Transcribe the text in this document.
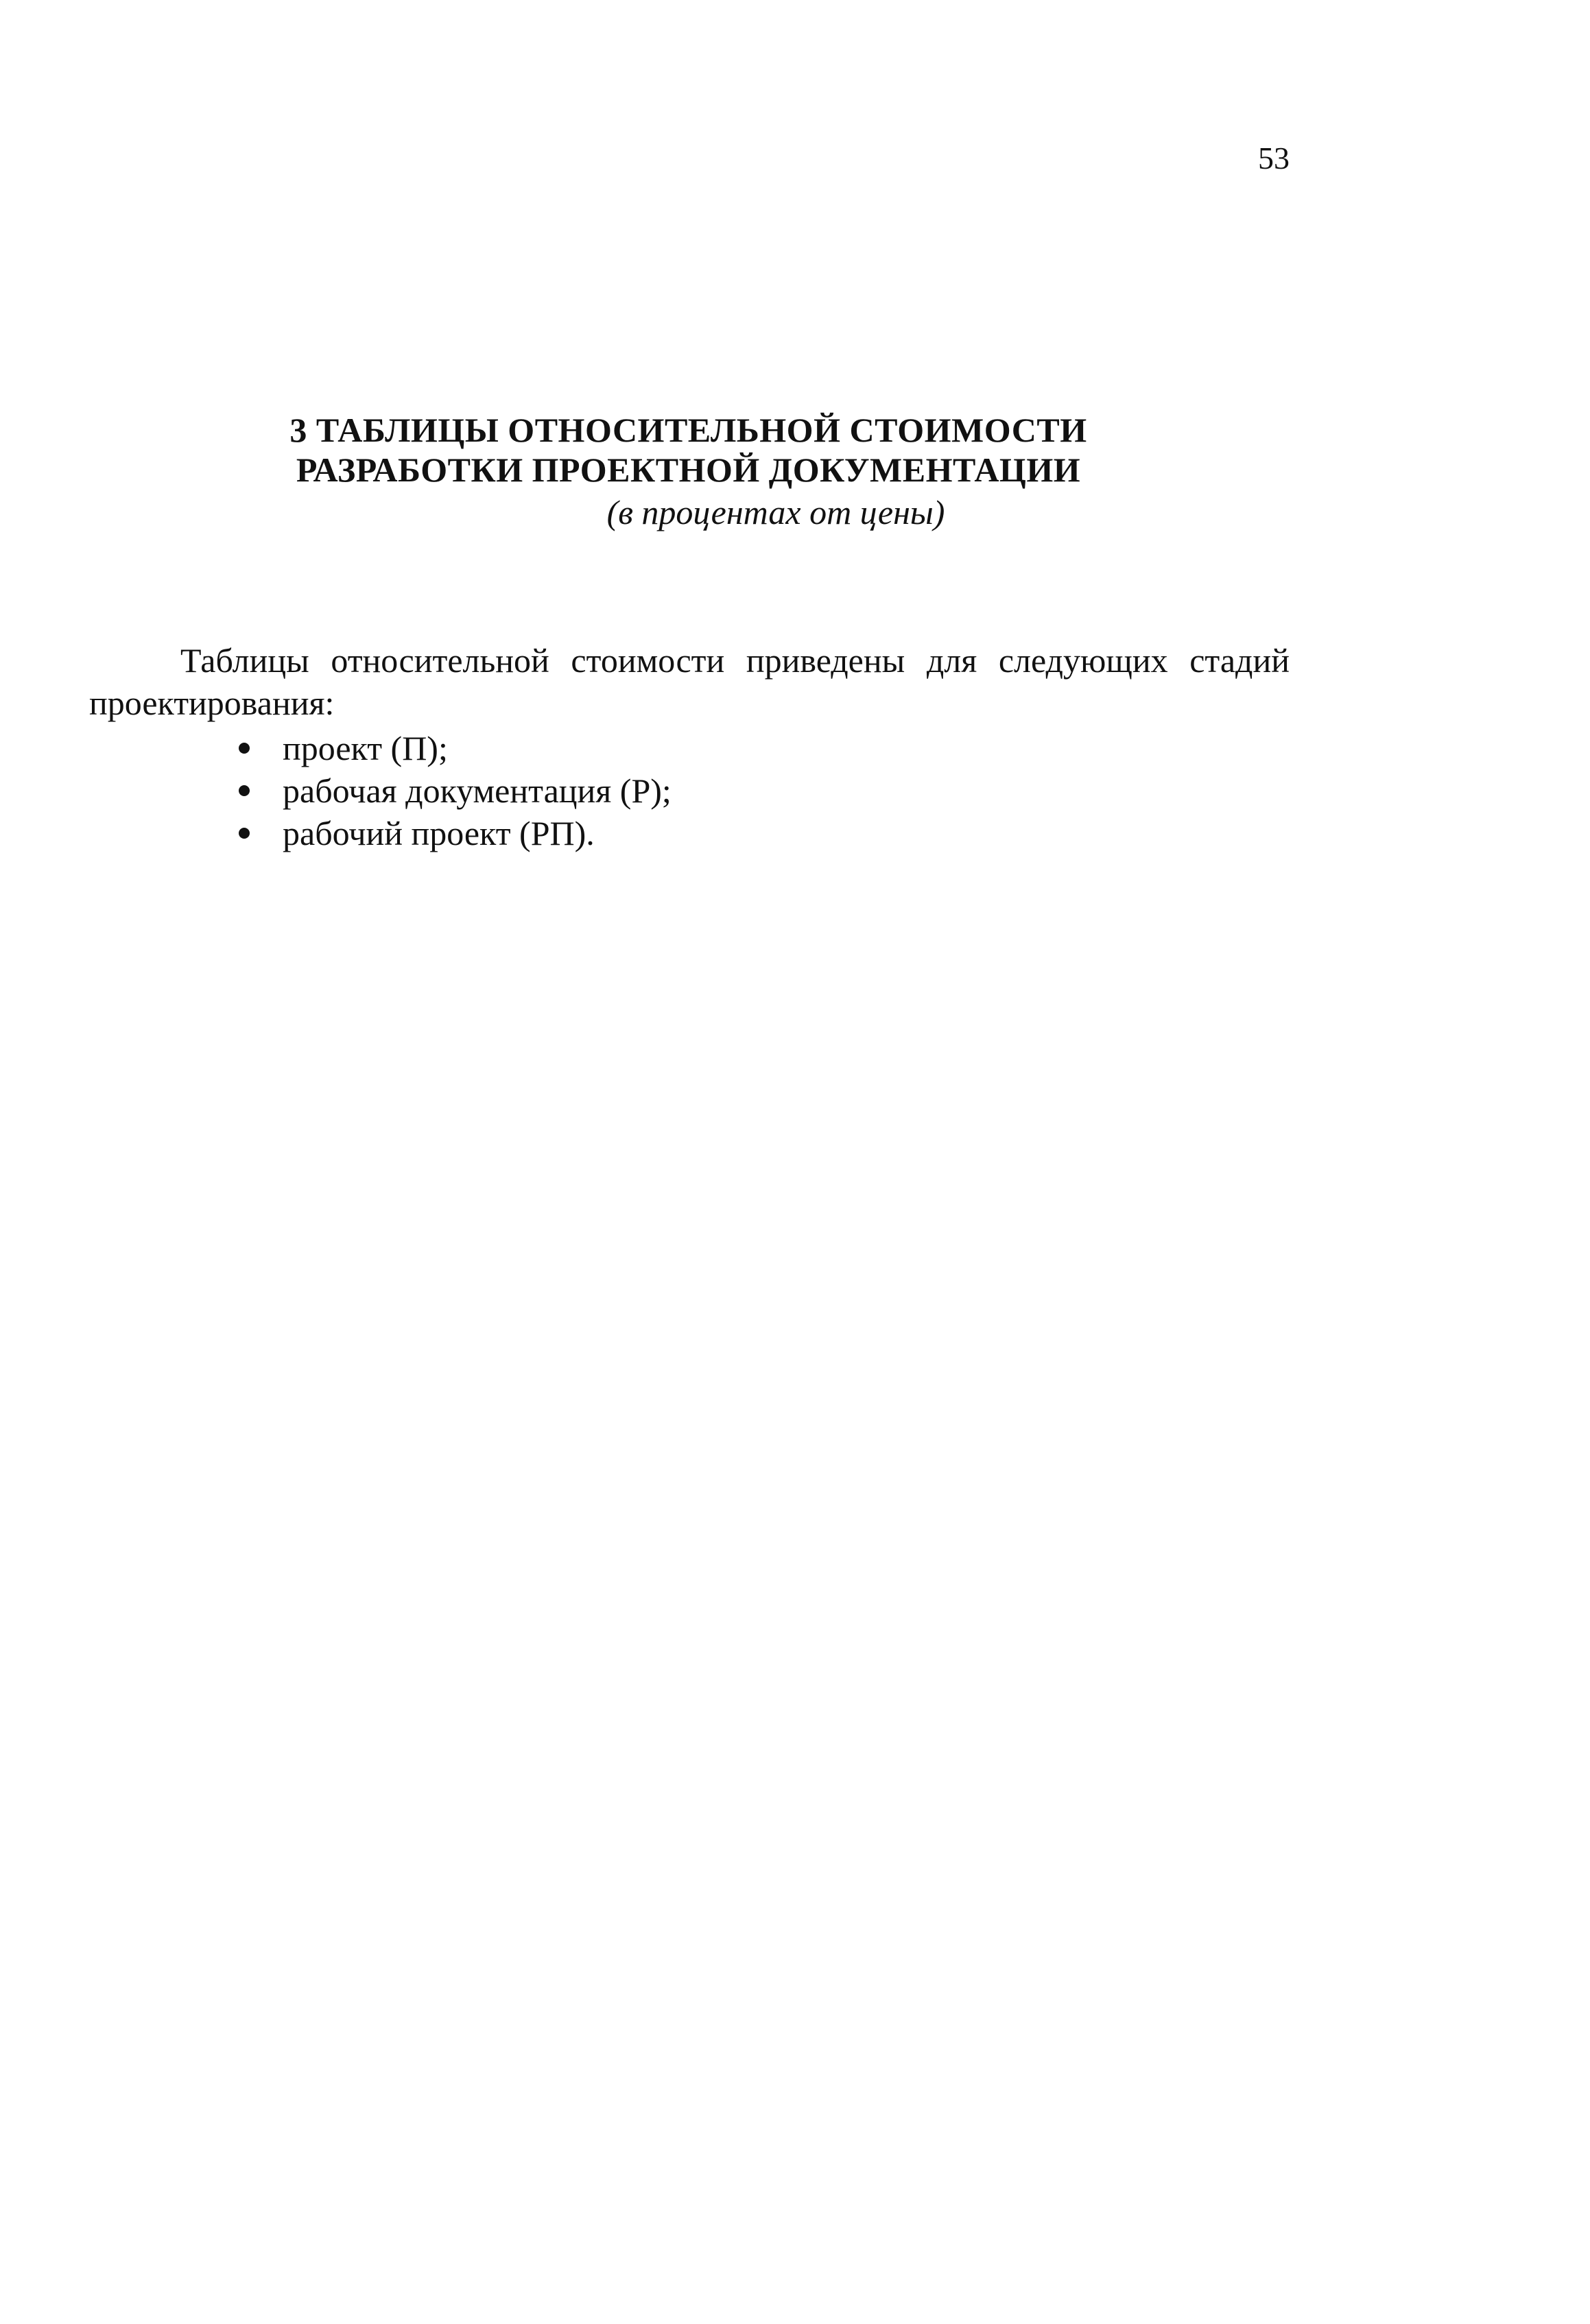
53
3 ТАБЛИЦЫ ОТНОСИТЕЛЬНОЙ СТОИМОСТИ
РАЗРАБОТКИ ПРОЕКТНОЙ ДОКУМЕНТАЦИИ
(в процентах от цены)

Таблицы относительной стоимости приведены для следующих стадий проектирования:

проект (П);
рабочая документация (Р);
рабочий проект (РП).
